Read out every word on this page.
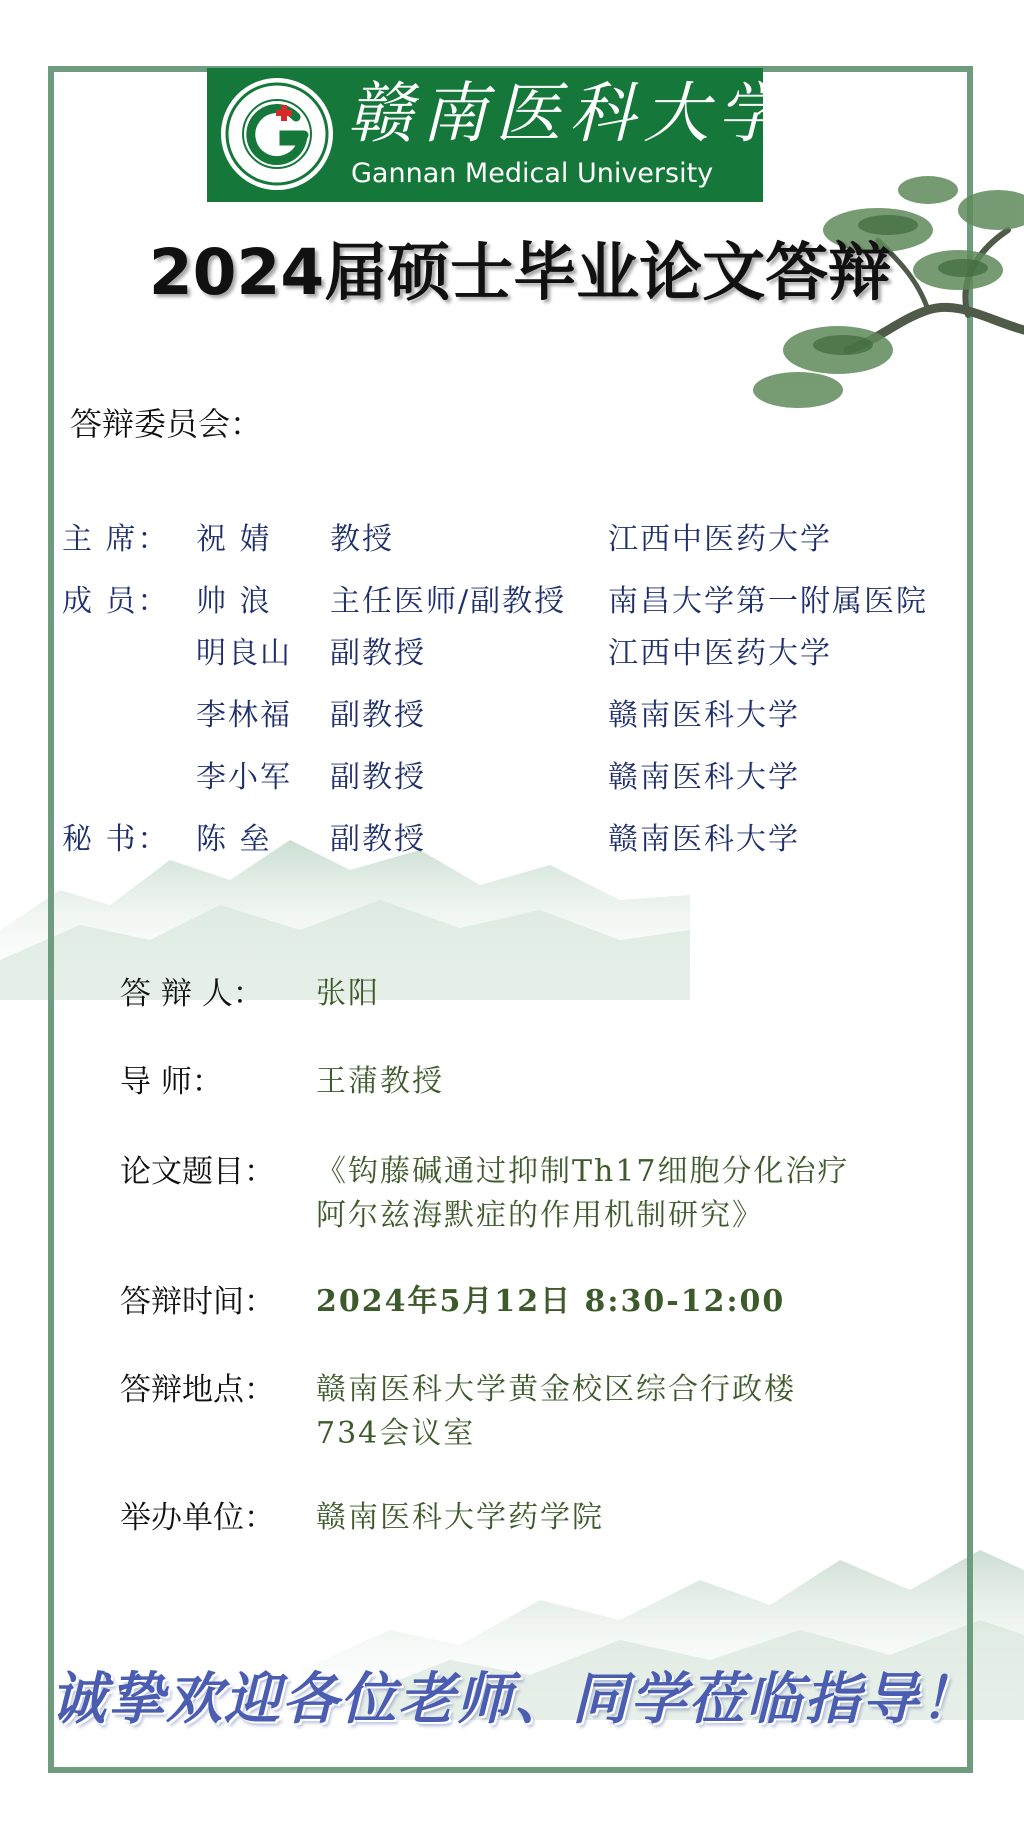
赣南医科大学
Gannan Medical University
2024届硕士毕业论文答辩
答辩委员会：
主 席： 祝 婧	教授	江西中医药大学
成 员： 帅 浪	主任医师/副教授	南昌大学第一附属医院
明良山	副教授	江西中医药大学
李林福	副教授	赣南医科大学
李小军	副教授	赣南医科大学
秘 书： 陈 垒	副教授	赣南医科大学
答 辩 人：	张阳
导 师：	王蒲教授
论文题目：	《钩藤碱通过抑制Th17细胞分化治疗
阿尔兹海默症的作用机制研究》
答辩时间：	2024年5月12日 8:30-12:00
答辩地点：	赣南医科大学黄金校区综合行政楼
734会议室
举办单位：	赣南医科大学药学院
诚挚欢迎各位老师、同学莅临指导！
